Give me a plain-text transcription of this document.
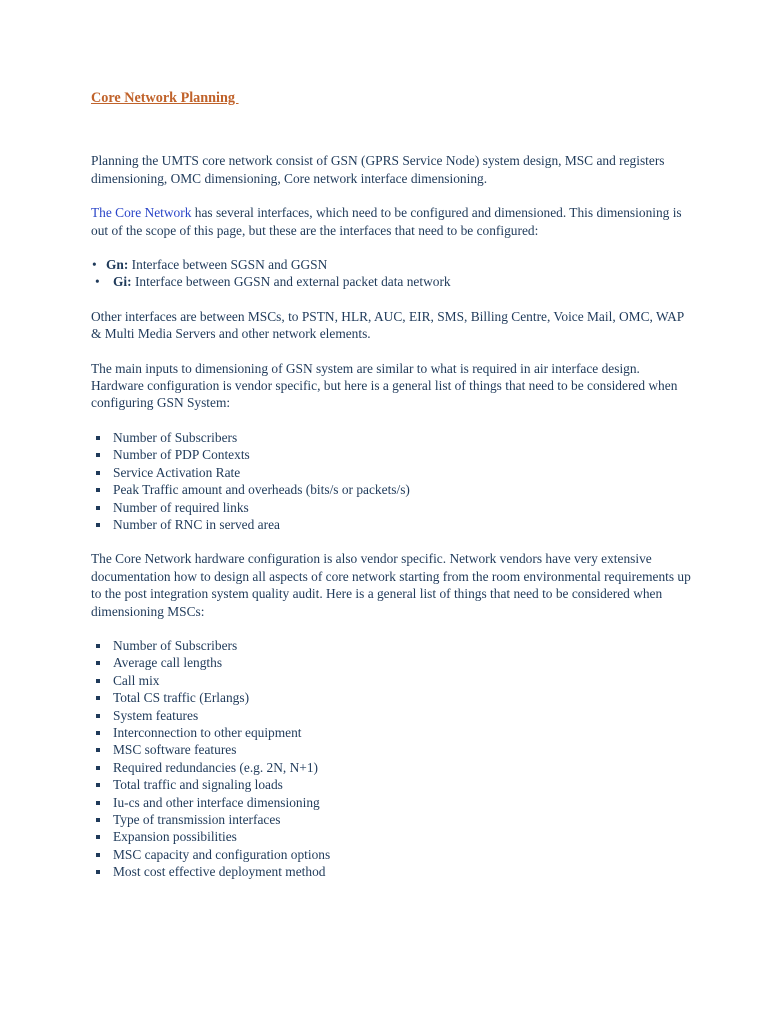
Core Network Planning

Planning the UMTS core network consist of GSN (GPRS Service Node) system design, MSC and registers dimensioning, OMC dimensioning, Core network interface dimensioning.

The Core Network has several interfaces, which need to be configured and dimensioned. This dimensioning is out of the scope of this page, but these are the interfaces that need to be configured:

• Gn: Interface between SGSN and GGSN
• Gi: Interface between GGSN and external packet data network

Other interfaces are between MSCs, to PSTN, HLR, AUC, EIR, SMS, Billing Centre, Voice Mail, OMC, WAP & Multi Media Servers and other network elements.

The main inputs to dimensioning of GSN system are similar to what is required in air interface design. Hardware configuration is vendor specific, but here is a general list of things that need to be considered when configuring GSN System:

Number of Subscribers
Number of PDP Contexts
Service Activation Rate
Peak Traffic amount and overheads (bits/s or packets/s)
Number of required links
Number of RNC in served area

The Core Network hardware configuration is also vendor specific. Network vendors have very extensive documentation how to design all aspects of core network starting from the room environmental requirements up to the post integration system quality audit. Here is a general list of things that need to be considered when dimensioning MSCs:

Number of Subscribers
Average call lengths
Call mix
Total CS traffic (Erlangs)
System features
Interconnection to other equipment
MSC software features
Required redundancies (e.g. 2N, N+1)
Total traffic and signaling loads
Iu-cs and other interface dimensioning
Type of transmission interfaces
Expansion possibilities
MSC capacity and configuration options
Most cost effective deployment method
